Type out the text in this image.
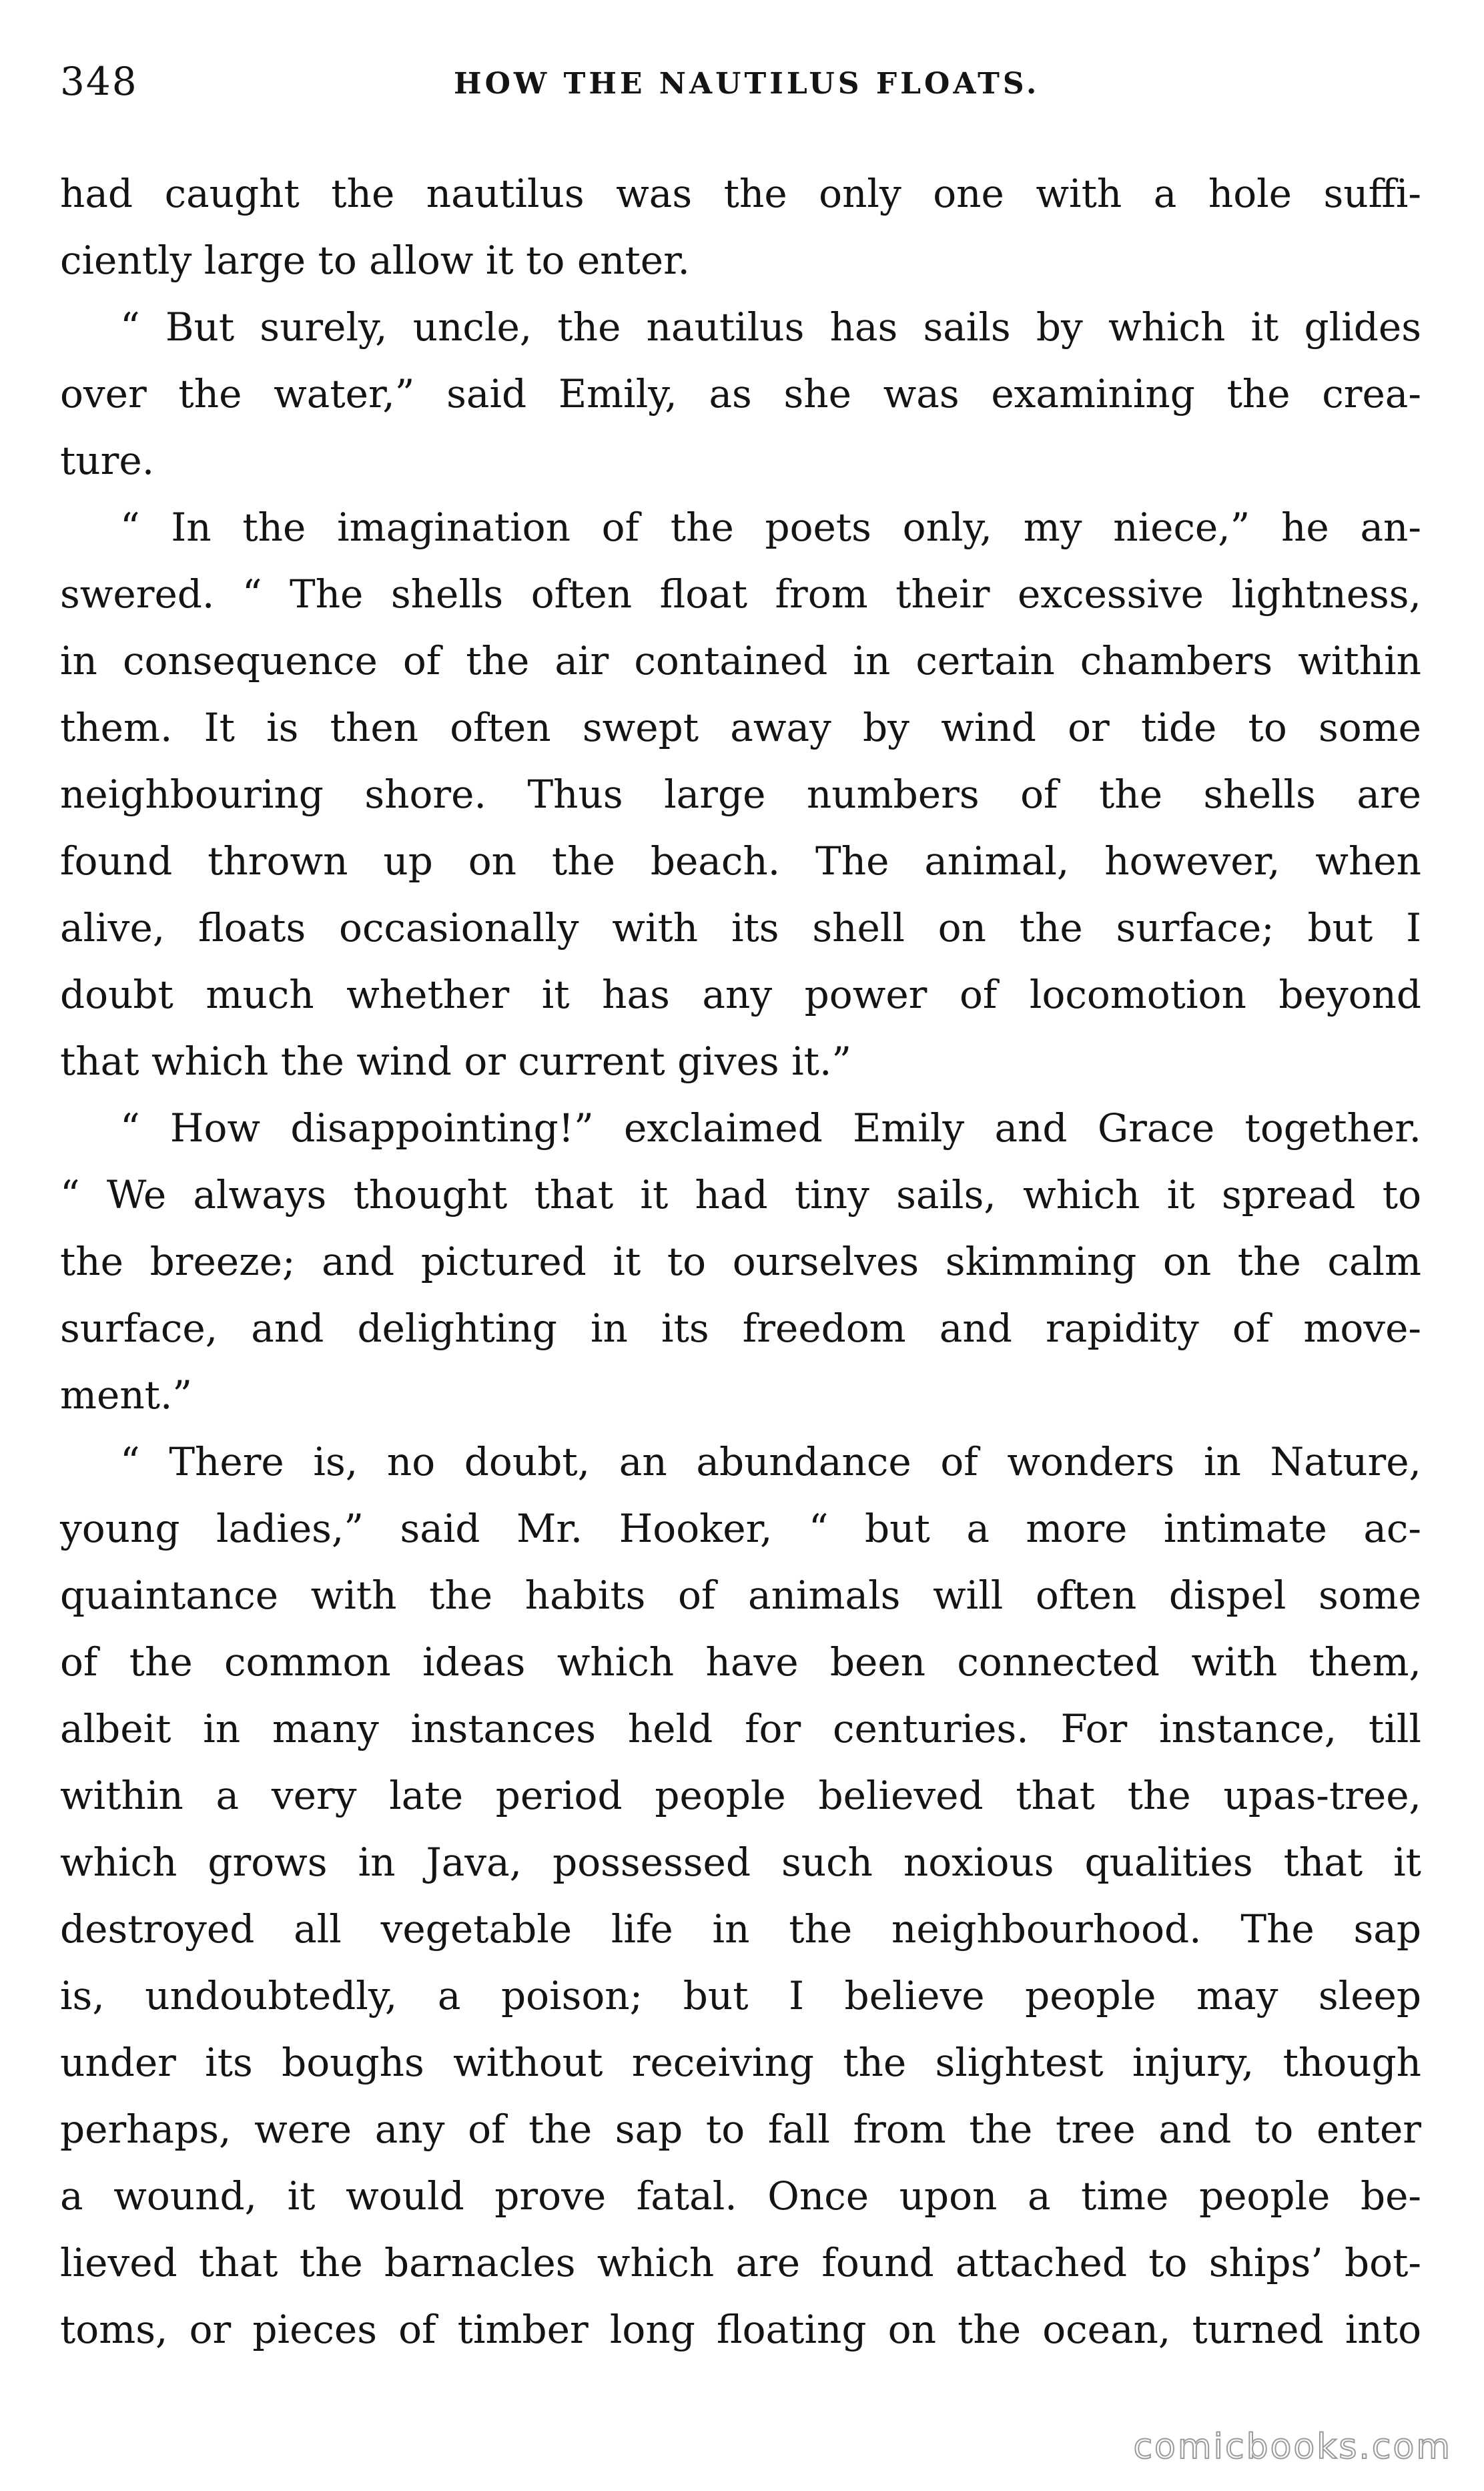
348	HOW THE NAUTILUS FLOATS.
had caught the nautilus was the only one with a hole suffi-
ciently large to allow it to enter.
“ But surely, uncle, the nautilus has sails by which it glides
over the water,” said Emily, as she was examining the crea-
ture.
“ In the imagination of the poets only, my niece,” he an-
swered. “ The shells often float from their excessive lightness,
in consequence of the air contained in certain chambers within
them. It is then often swept away by wind or tide to some
neighbouring shore. Thus large numbers of the shells are
found thrown up on the beach. The animal, however, when
alive, floats occasionally with its shell on the surface; but I
doubt much whether it has any power of locomotion beyond
that which the wind or current gives it.”
“ How disappointing!” exclaimed Emily and Grace together.
“ We always thought that it had tiny sails, which it spread to
the breeze; and pictured it to ourselves skimming on the calm
surface, and delighting in its freedom and rapidity of move-
ment.”
“ There is, no doubt, an abundance of wonders in Nature,
young ladies,” said Mr. Hooker, “ but a more intimate ac-
quaintance with the habits of animals will often dispel some
of the common ideas which have been connected with them,
albeit in many instances held for centuries. For instance, till
within a very late period people believed that the upas-tree,
which grows in Java, possessed such noxious qualities that it
destroyed all vegetable life in the neighbourhood. The sap
is, undoubtedly, a poison; but I believe people may sleep
under its boughs without receiving the slightest injury, though
perhaps, were any of the sap to fall from the tree and to enter
a wound, it would prove fatal. Once upon a time people be-
lieved that the barnacles which are found attached to ships’ bot-
toms, or pieces of timber long floating on the ocean, turned into
comicbooks.com
